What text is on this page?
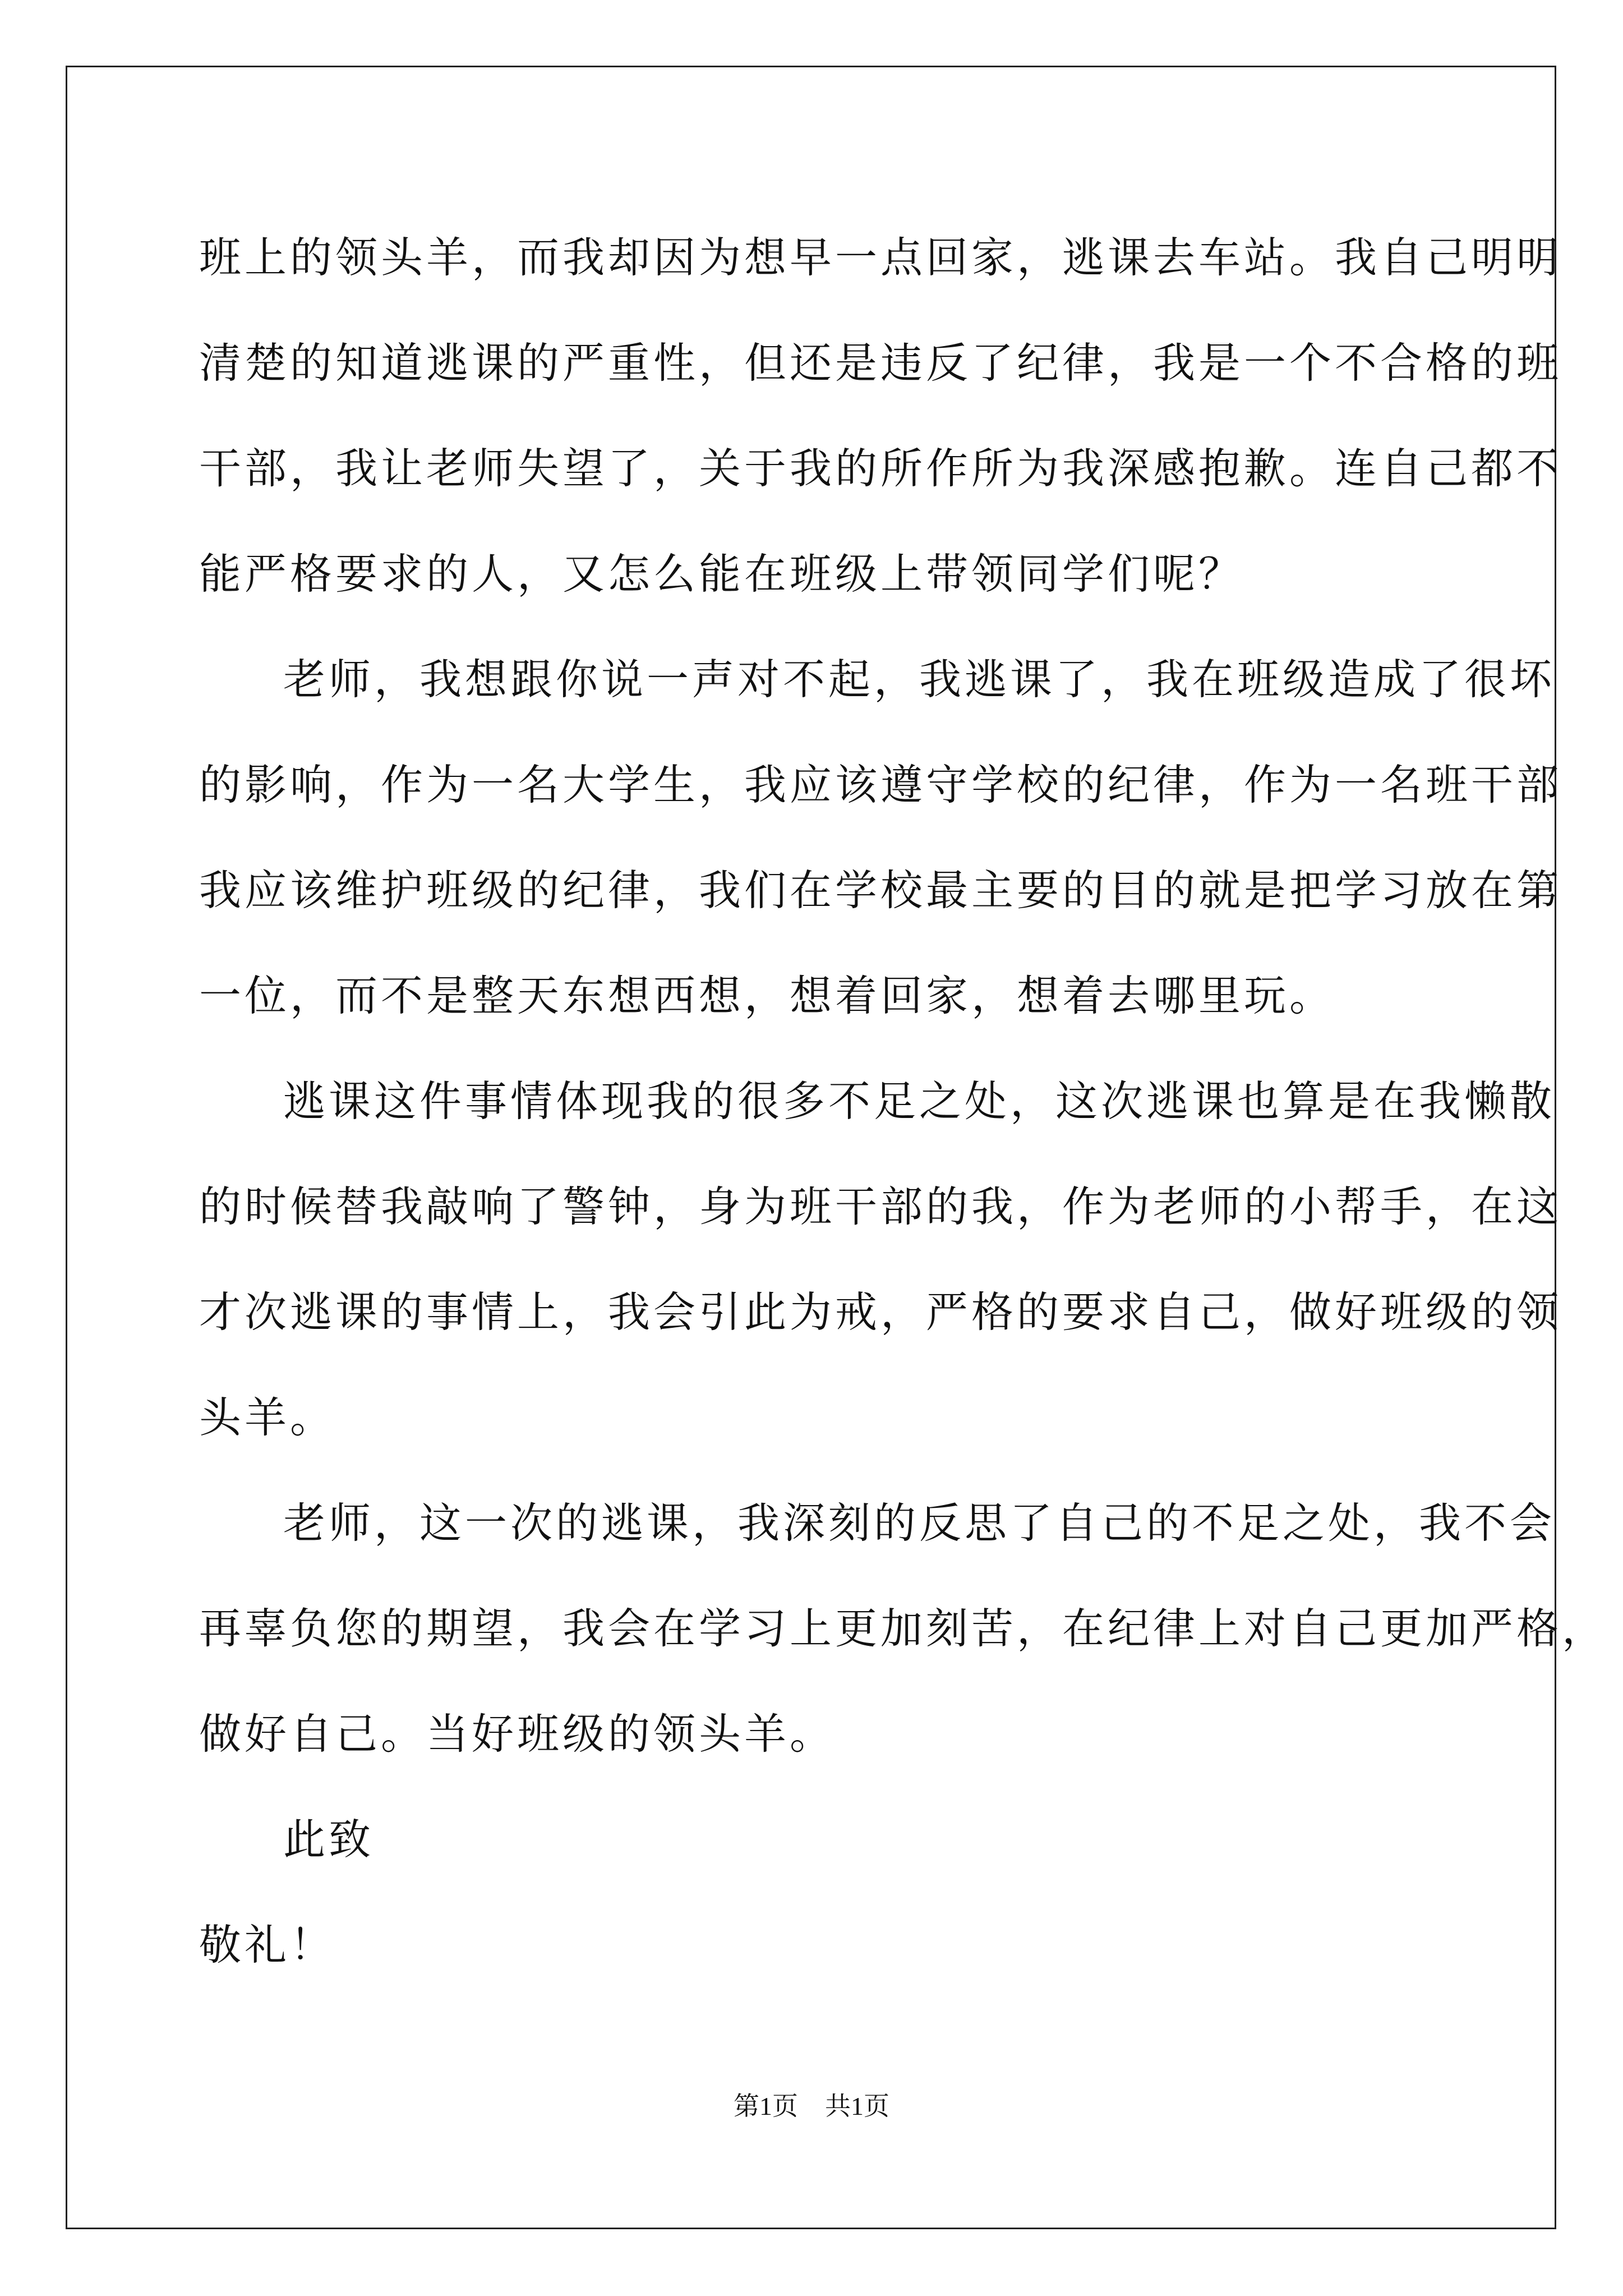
班上的领头羊，而我却因为想早一点回家，逃课去车站。我自己明明
清楚的知道逃课的严重性，但还是违反了纪律，我是一个不合格的班
干部，我让老师失望了，关于我的所作所为我深感抱歉。连自己都不
能严格要求的人，又怎么能在班级上带领同学们呢？
老师，我想跟你说一声对不起，我逃课了，我在班级造成了很坏
的影响，作为一名大学生，我应该遵守学校的纪律，作为一名班干部
我应该维护班级的纪律，我们在学校最主要的目的就是把学习放在第
一位，而不是整天东想西想，想着回家，想着去哪里玩。
逃课这件事情体现我的很多不足之处，这次逃课也算是在我懒散
的时候替我敲响了警钟，身为班干部的我，作为老师的小帮手，在这
才次逃课的事情上，我会引此为戒，严格的要求自己，做好班级的领
头羊。
老师，这一次的逃课，我深刻的反思了自己的不足之处，我不会
再辜负您的期望，我会在学习上更加刻苦，在纪律上对自己更加严格，
做好自己。当好班级的领头羊。
此致
敬礼！
第1页 共1页
